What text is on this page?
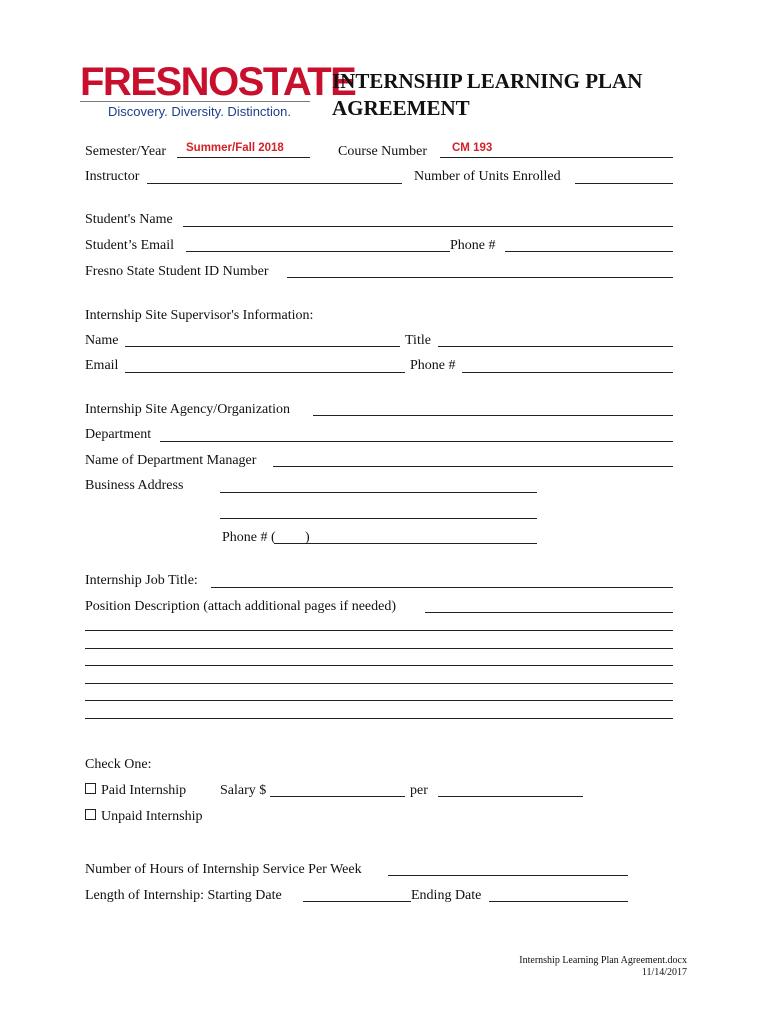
FRESNOSTATE
Discovery. Diversity. Distinction.
INTERNSHIP LEARNING PLAN AGREEMENT
Semester/Year Summer/Fall 2018	Course Number CM 193
Instructor	Number of Units Enrolled
Student's Name
Student’s Email	Phone #
Fresno State Student ID Number
Internship Site Supervisor's Information:
Name	Title
Email	Phone #
Internship Site Agency/Organization
Department
Name of Department Manager
Business Address
Phone # ( )
Internship Job Title:
Position Description (attach additional pages if needed)
Check One:
Paid Internship Salary $	per
Unpaid Internship
Number of Hours of Internship Service Per Week
Length of Internship: Starting Date	Ending Date
Internship Learning Plan Agreement.docx
11/14/2017
